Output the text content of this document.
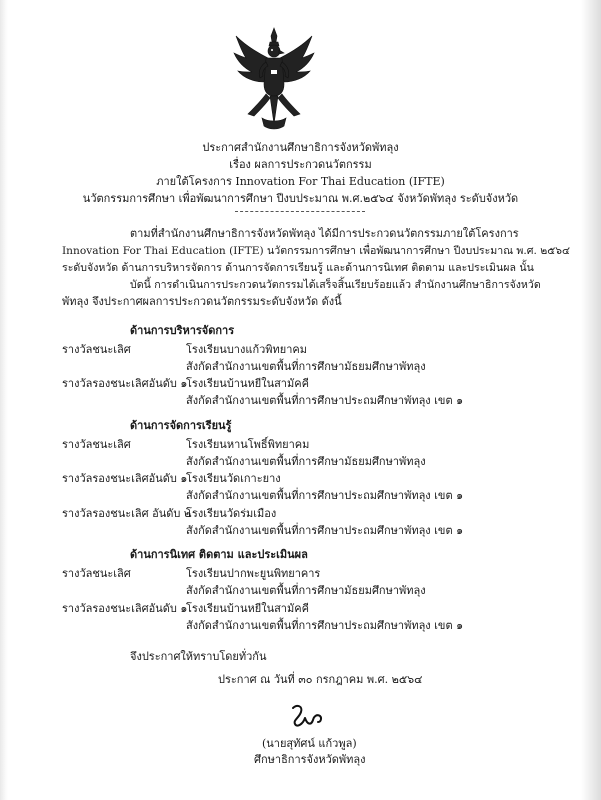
ประกาศสำนักงานศึกษาธิการจังหวัดพัทลุง
เรื่อง ผลการประกวดนวัตกรรม
ภายใต้โครงการ Innovation For Thai Education (IFTE)
นวัตกรรมการศึกษา เพื่อพัฒนาการศึกษา ปีงบประมาณ พ.ศ.๒๕๖๔ จังหวัดพัทลุง ระดับจังหวัด
ตามที่สำนักงานศึกษาธิการจังหวัดพัทลุง ได้มีการประกวดนวัตกรรมภายใต้โครงการ
Innovation For Thai Education (IFTE) นวัตกรรมการศึกษา เพื่อพัฒนาการศึกษา ปีงบประมาณ พ.ศ. ๒๕๖๔
ระดับจังหวัด ด้านการบริหารจัดการ ด้านการจัดการเรียนรู้ และด้านการนิเทศ ติดตาม และประเมินผล นั้น
บัดนี้ การดำเนินการประกวดนวัตกรรมได้เสร็จสิ้นเรียบร้อยแล้ว สำนักงานศึกษาธิการจังหวัด
พัทลุง จึงประกาศผลการประกวดนวัตกรรมระดับจังหวัด ดังนี้
ด้านการบริหารจัดการ
รางวัลชนะเลิศ	โรงเรียนบางแก้วพิทยาคม
สังกัดสำนักงานเขตพื้นที่การศึกษามัธยมศึกษาพัทลุง
รางวัลรองชนะเลิศอันดับ ๑
โรงเรียนบ้านหยีในสามัคคี
สังกัดสำนักงานเขตพื้นที่การศึกษาประถมศึกษาพัทลุง เขต ๑
ด้านการจัดการเรียนรู้
รางวัลชนะเลิศ	โรงเรียนหานโพธิ์พิทยาคม
สังกัดสำนักงานเขตพื้นที่การศึกษามัธยมศึกษาพัทลุง
รางวัลรองชนะเลิศอันดับ ๑
โรงเรียนวัดเกาะยาง
สังกัดสำนักงานเขตพื้นที่การศึกษาประถมศึกษาพัทลุง เขต ๑
รางวัลรองชนะเลิศ อันดับ ๒
โรงเรียนวัดร่มเมือง
สังกัดสำนักงานเขตพื้นที่การศึกษาประถมศึกษาพัทลุง เขต ๑
ด้านการนิเทศ ติดตาม และประเมินผล
รางวัลชนะเลิศ	โรงเรียนปากพะยูนพิทยาคาร
สังกัดสำนักงานเขตพื้นที่การศึกษามัธยมศึกษาพัทลุง
รางวัลรองชนะเลิศอันดับ ๑
โรงเรียนบ้านหยีในสามัคคี
สังกัดสำนักงานเขตพื้นที่การศึกษาประถมศึกษาพัทลุง เขต ๑
จึงประกาศให้ทราบโดยทั่วกัน
ประกาศ ณ วันที่ ๓๐ กรกฎาคม พ.ศ. ๒๕๖๔
(นายสุทัศน์ แก้วพูล)
ศึกษาธิการจังหวัดพัทลุง
